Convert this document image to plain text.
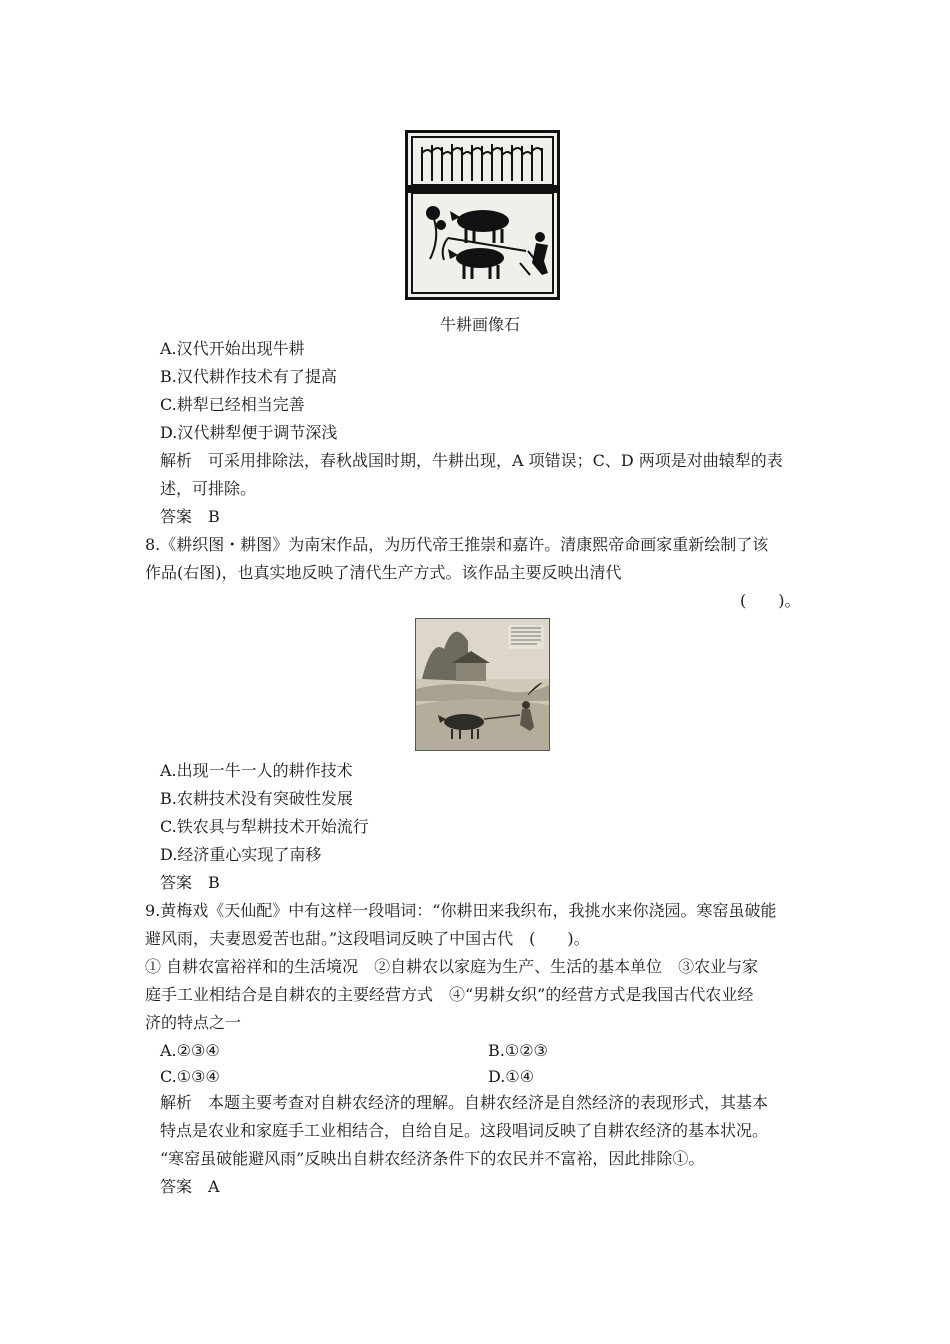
牛耕画像石
A.汉代开始出现牛耕
B.汉代耕作技术有了提高
C.耕犁已经相当完善
D.汉代耕犁便于调节深浅
解析　可采用排除法，春秋战国时期，牛耕出现，A 项错误；C、D 两项是对曲辕犁的表
述，可排除。
答案　B
8.《耕织图・耕图》为南宋作品，为历代帝王推崇和嘉许。清康熙帝命画家重新绘制了该
作品(右图)，也真实地反映了清代生产方式。该作品主要反映出清代
(　　)。
A.出现一牛一人的耕作技术
B.农耕技术没有突破性发展
C.铁农具与犁耕技术开始流行
D.经济重心实现了南移
答案　B
9.黄梅戏《天仙配》中有这样一段唱词：“你耕田来我织布，我挑水来你浇园。寒窑虽破能
避风雨，夫妻恩爱苦也甜。”这段唱词反映了中国古代　(　　)。
① 自耕农富裕祥和的生活境况　②自耕农以家庭为生产、生活的基本单位　③农业与家
庭手工业相结合是自耕农的主要经营方式　④“男耕女织”的经营方式是我国古代农业经
济的特点之一
A.②③④	B.①②③
C.①③④	D.①④
解析　本题主要考查对自耕农经济的理解。自耕农经济是自然经济的表现形式，其基本
特点是农业和家庭手工业相结合，自给自足。这段唱词反映了自耕农经济的基本状况。
“寒窑虽破能避风雨”反映出自耕农经济条件下的农民并不富裕，因此排除①。
答案　A
